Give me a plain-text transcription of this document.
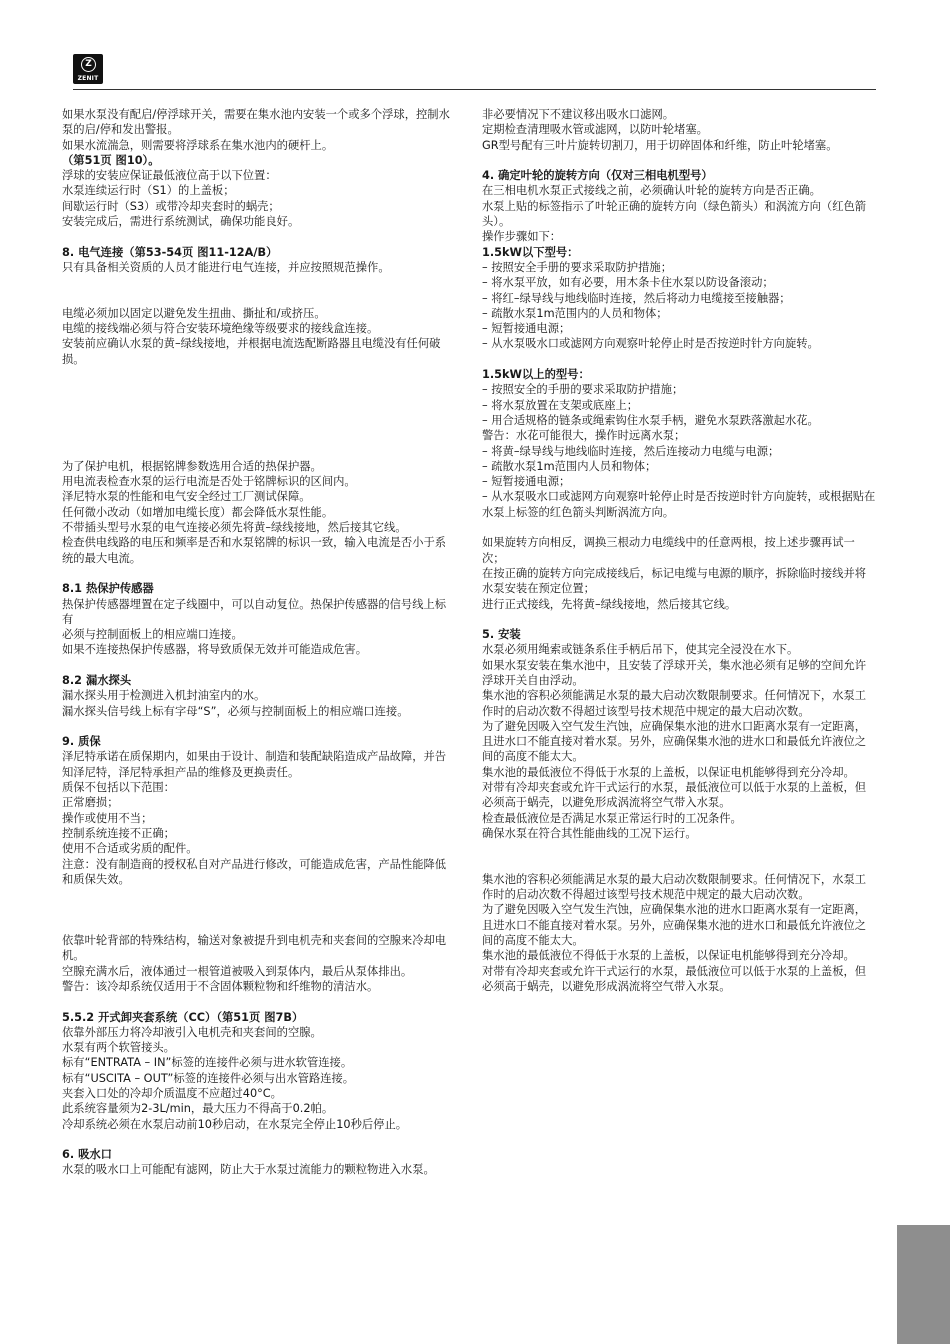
Z
ZENIT

如果水泵没有配启/停浮球开关，需要在集水池内安装一个或多个浮球，控制水泵的启/停和发出警报。

如果水流湍急，则需要将浮球系在集水池内的硬杆上。

（第51页 图10）。

浮球的安装应保证最低液位高于以下位置：

水泵连续运行时（S1）的上盖板；

间歇运行时（S3）或带冷却夹套时的蜗壳；

安装完成后，需进行系统测试，确保功能良好。

8. 电气连接（第53-54页 图11-12A/B）

只有具备相关资质的人员才能进行电气连接，并应按照规范操作。

电缆必须加以固定以避免发生扭曲、撕扯和/或挤压。

电缆的接线端必须与符合安装环境绝缘等级要求的接线盒连接。

安装前应确认水泵的黄–绿线接地，并根据电流选配断路器且电缆没有任何破损。

为了保护电机，根据铭牌参数选用合适的热保护器。

用电流表检查水泵的运行电流是否处于铭牌标识的区间内。

泽尼特水泵的性能和电气安全经过工厂测试保障。

任何微小改动（如增加电缆长度）都会降低水泵性能。

不带插头型号水泵的电气连接必须先将黄–绿线接地，然后接其它线。

检查供电线路的电压和频率是否和水泵铭牌的标识一致，输入电流是否小于系统的最大电流。

8.1 热保护传感器

热保护传感器埋置在定子线圈中，可以自动复位。热保护传感器的信号线上标有

必须与控制面板上的相应端口连接。

如果不连接热保护传感器，将导致质保无效并可能造成危害。

8.2 漏水探头

漏水探头用于检测进入机封油室内的水。

漏水探头信号线上标有字母“S”，必须与控制面板上的相应端口连接。

9. 质保

泽尼特承诺在质保期内，如果由于设计、制造和装配缺陷造成产品故障，并告知泽尼特，泽尼特承担产品的维修及更换责任。

质保不包括以下范围：

正常磨损；

操作或使用不当；

控制系统连接不正确；

使用不合适或劣质的配件。

注意：没有制造商的授权私自对产品进行修改，可能造成危害，产品性能降低和质保失效。

依靠叶轮背部的特殊结构，输送对象被提升到电机壳和夹套间的空腺来冷却电机。

空腺充满水后，液体通过一根管道被吸入到泵体内，最后从泵体排出。

警告：该冷却系统仅适用于不含固体颗粒物和纤维物的清洁水。

5.5.2 开式卸夹套系统（CC）（第51页 图7B）

依靠外部压力将冷却液引入电机壳和夹套间的空腺。

水泵有两个软管接头。

标有“ENTRATA – IN”标签的连接件必须与进水软管连接。

标有“USCITA – OUT”标签的连接件必须与出水管路连接。

夹套入口处的冷却介质温度不应超过40°C。

此系统容量须为2-3L/min，最大压力不得高于0.2帕。

冷却系统必须在水泵启动前10秒启动，在水泵完全停止10秒后停止。

6. 吸水口

水泵的吸水口上可能配有滤网，防止大于水泵过流能力的颗粒物进入水泵。

非必要情况下不建议移出吸水口滤网。

定期检查清理吸水管或滤网，以防叶轮堵塞。

GR型号配有三叶片旋转切割刀，用于切碎固体和纤维，防止叶轮堵塞。

4. 确定叶轮的旋转方向（仅对三相电机型号）

在三相电机水泵正式接线之前，必须确认叶轮的旋转方向是否正确。

水泵上贴的标签指示了叶轮正确的旋转方向（绿色箭头）和涡流方向（红色箭头）。

操作步骤如下：

1.5kW以下型号：

– 按照安全手册的要求采取防护措施；

– 将水泵平放，如有必要，用木条卡住水泵以防设备滚动；

– 将红–绿导线与地线临时连接，然后将动力电缆接至接触器；

– 疏散水泵1m范围内的人员和物体；

– 短暂接通电源；

– 从水泵吸水口或滤网方向观察叶轮停止时是否按逆时针方向旋转。

1.5kW以上的型号：

– 按照安全的手册的要求采取防护措施；

– 将水泵放置在支架或底座上；

– 用合适规格的链条或绳索钩住水泵手柄，避免水泵跌落激起水花。

警告：水花可能很大，操作时远离水泵；

– 将黄–绿导线与地线临时连接，然后连接动力电缆与电源；

– 疏散水泵1m范围内人员和物体；

– 短暂接通电源；

– 从水泵吸水口或滤网方向观察叶轮停止时是否按逆时针方向旋转，或根据贴在水泵上标签的红色箭头判断涡流方向。

如果旋转方向相反，调换三根动力电缆线中的任意两根，按上述步骤再试一次；

在按正确的旋转方向完成接线后，标记电缆与电源的顺序，拆除临时接线并将水泵安装在预定位置；

进行正式接线，先将黄–绿线接地，然后接其它线。

5. 安装

水泵必须用绳索或链条系住手柄后吊下，使其完全浸没在水下。

如果水泵安装在集水池中，且安装了浮球开关，集水池必须有足够的空间允许浮球开关自由浮动。

集水池的容积必须能满足水泵的最大启动次数限制要求。任何情况下，水泵工作时的启动次数不得超过该型号技术规范中规定的最大启动次数。

为了避免因吸入空气发生汽蚀，应确保集水池的进水口距离水泵有一定距离，且进水口不能直接对着水泵。另外，应确保集水池的进水口和最低允许液位之间的高度不能太大。

集水池的最低液位不得低于水泵的上盖板，以保证电机能够得到充分冷却。

对带有冷却夹套或允许干式运行的水泵，最低液位可以低于水泵的上盖板，但必须高于蜗壳，以避免形成涡流将空气带入水泵。

检查最低液位是否满足水泵正常运行时的工况条件。

确保水泵在符合其性能曲线的工况下运行。

集水池的容积必须能满足水泵的最大启动次数限制要求。任何情况下，水泵工作时的启动次数不得超过该型号技术规范中规定的最大启动次数。

为了避免因吸入空气发生汽蚀，应确保集水池的进水口距离水泵有一定距离，且进水口不能直接对着水泵。另外，应确保集水池的进水口和最低允许液位之间的高度不能太大。

集水池的最低液位不得低于水泵的上盖板，以保证电机能够得到充分冷却。

对带有冷却夹套或允许干式运行的水泵，最低液位可以低于水泵的上盖板，但必须高于蜗壳，以避免形成涡流将空气带入水泵。
